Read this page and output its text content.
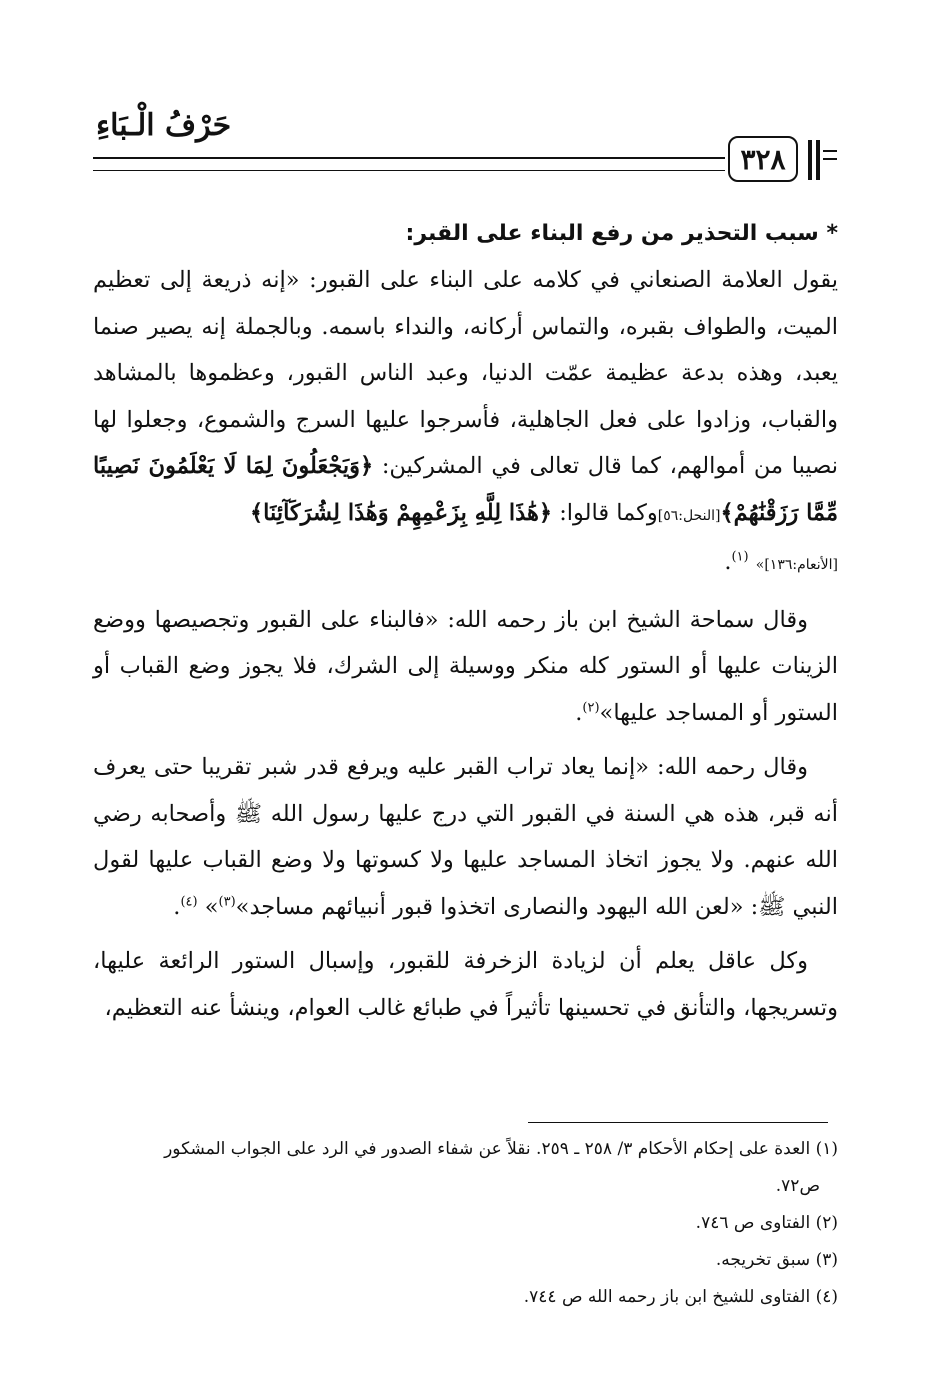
حَرْفُ الْـبَاءِ
٣٢٨

* سبب التحذير من رفع البناء على القبر:

يقول العلامة الصنعاني في كلامه على البناء على القبور: «إنه ذريعة إلى تعظيم الميت، والطواف بقبره، والتماس أركانه، والنداء باسمه. وبالجملة إنه يصير صنما يعبد، وهذه بدعة عظيمة عمّت الدنيا، وعبد الناس القبور، وعظموها بالمشاهد والقباب، وزادوا على فعل الجاهلية، فأسرجوا عليها السرج والشموع، وجعلوا لها نصيبا من أموالهم، كما قال تعالى في المشركين: ﴿وَيَجْعَلُونَ لِمَا لَا يَعْلَمُونَ نَصِيبًا مِّمَّا رَزَقْنَٰهُمْ﴾[النحل:٥٦]وكما قالوا: ﴿هَٰذَا لِلَّهِ بِزَعْمِهِمْ وَهَٰذَا لِشُرَكَآئِنَا﴾
[الأنعام:١٣٦]» $^{(١)}$.

وقال سماحة الشيخ ابن باز رحمه الله: «فالبناء على القبور وتجصيصها ووضع الزينات عليها أو الستور كله منكر ووسيلة إلى الشرك، فلا يجوز وضع القباب أو الستور أو المساجد عليها»$^{(٢)}$.

وقال رحمه الله: «إنما يعاد تراب القبر عليه ويرفع قدر شبر تقريبا حتى يعرف أنه قبر، هذه هي السنة في القبور التي درج عليها رسول الله ﷺ وأصحابه رضي الله عنهم. ولا يجوز اتخاذ المساجد عليها ولا كسوتها ولا وضع القباب عليها لقول النبي ﷺ: «لعن الله اليهود والنصارى اتخذوا قبور أنبيائهم مساجد»$^{(٣)}$» $^{(٤)}$.

وكل عاقل يعلم أن لزيادة الزخرفة للقبور، وإسبال الستور الرائعة عليها، وتسريجها، والتأنق في تحسينها تأثيراً في طبائع غالب العوام، وينشأ عنه التعظيم،

(١) العدة على إحكام الأحكام ٣/ ٢٥٨ ـ ٢٥٩. نقلاً عن شفاء الصدور في الرد على الجواب المشكور
ص٧٢.
(٢) الفتاوى ص ٧٤٦.
(٣) سبق تخريجه.
(٤) الفتاوى للشيخ ابن باز رحمه الله ص ٧٤٤.
